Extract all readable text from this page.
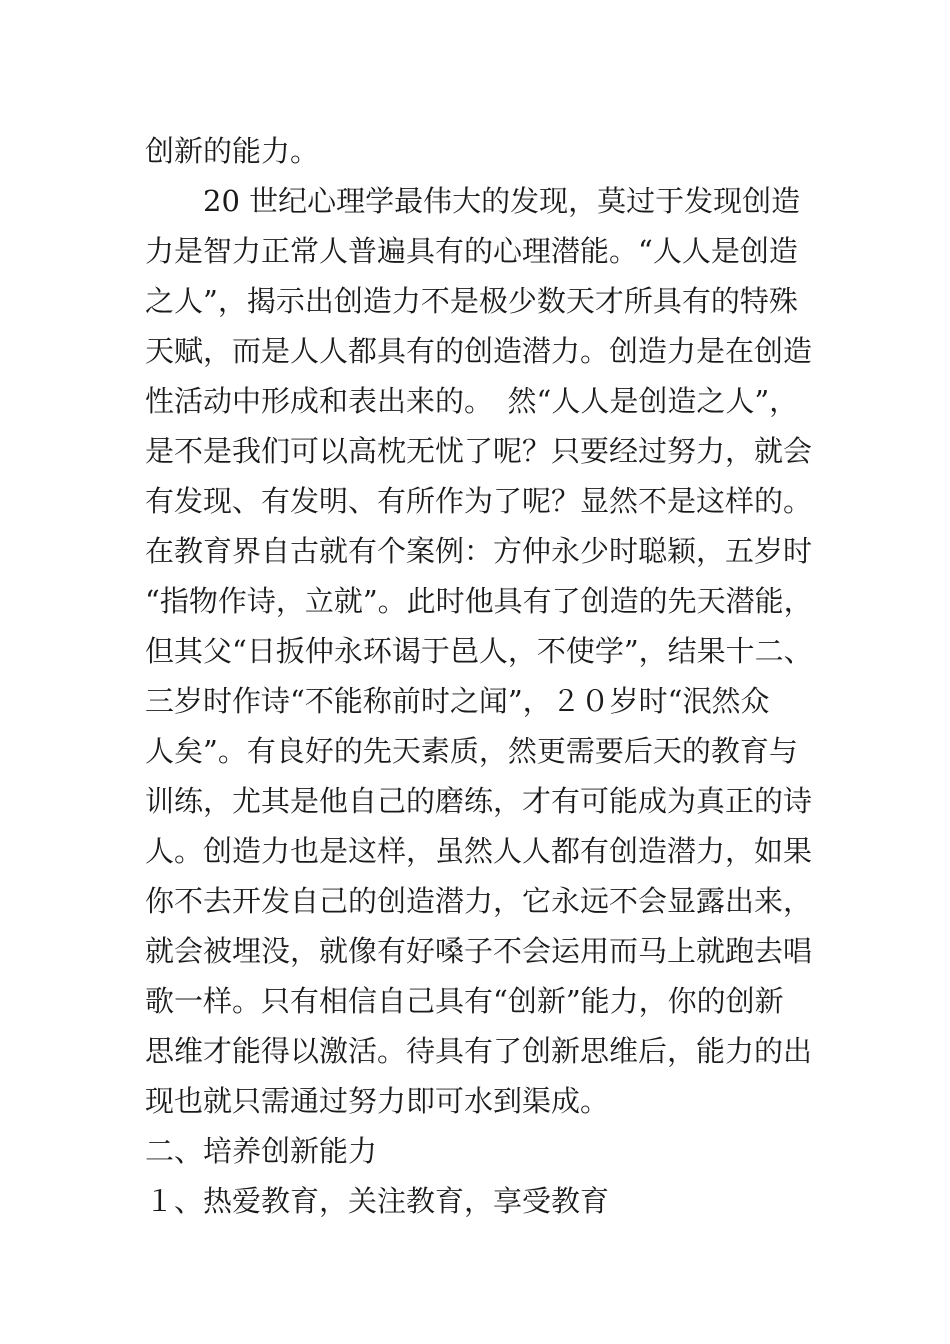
创新的能力。
　　20 世纪心理学最伟大的发现，莫过于发现创造
力是智力正常人普遍具有的心理潜能。“人人是创造
之人”，揭示出创造力不是极少数天才所具有的特殊
天赋，而是人人都具有的创造潜力。创造力是在创造
性活动中形成和表出来的。　然“人人是创造之人”，
是不是我们可以高枕无忧了呢？只要经过努力，就会
有发现、有发明、有所作为了呢？显然不是这样的。
在教育界自古就有个案例：方仲永少时聪颖，五岁时
“指物作诗，立就”。此时他具有了创造的先天潜能，
但其父“日扳仲永环谒于邑人，不使学”，结果十二、
三岁时作诗“不能称前时之闻”，２０岁时“泯然众
人矣”。有良好的先天素质，然更需要后天的教育与
训练，尤其是他自己的磨练，才有可能成为真正的诗
人。创造力也是这样，虽然人人都有创造潜力，如果
你不去开发自己的创造潜力，它永远不会显露出来，
就会被埋没，就像有好嗓子不会运用而马上就跑去唱
歌一样。只有相信自己具有“创新”能力，你的创新
思维才能得以激活。待具有了创新思维后，能力的出
现也就只需通过努力即可水到渠成。
二、培养创新能力
１、热爱教育，关注教育，享受教育
